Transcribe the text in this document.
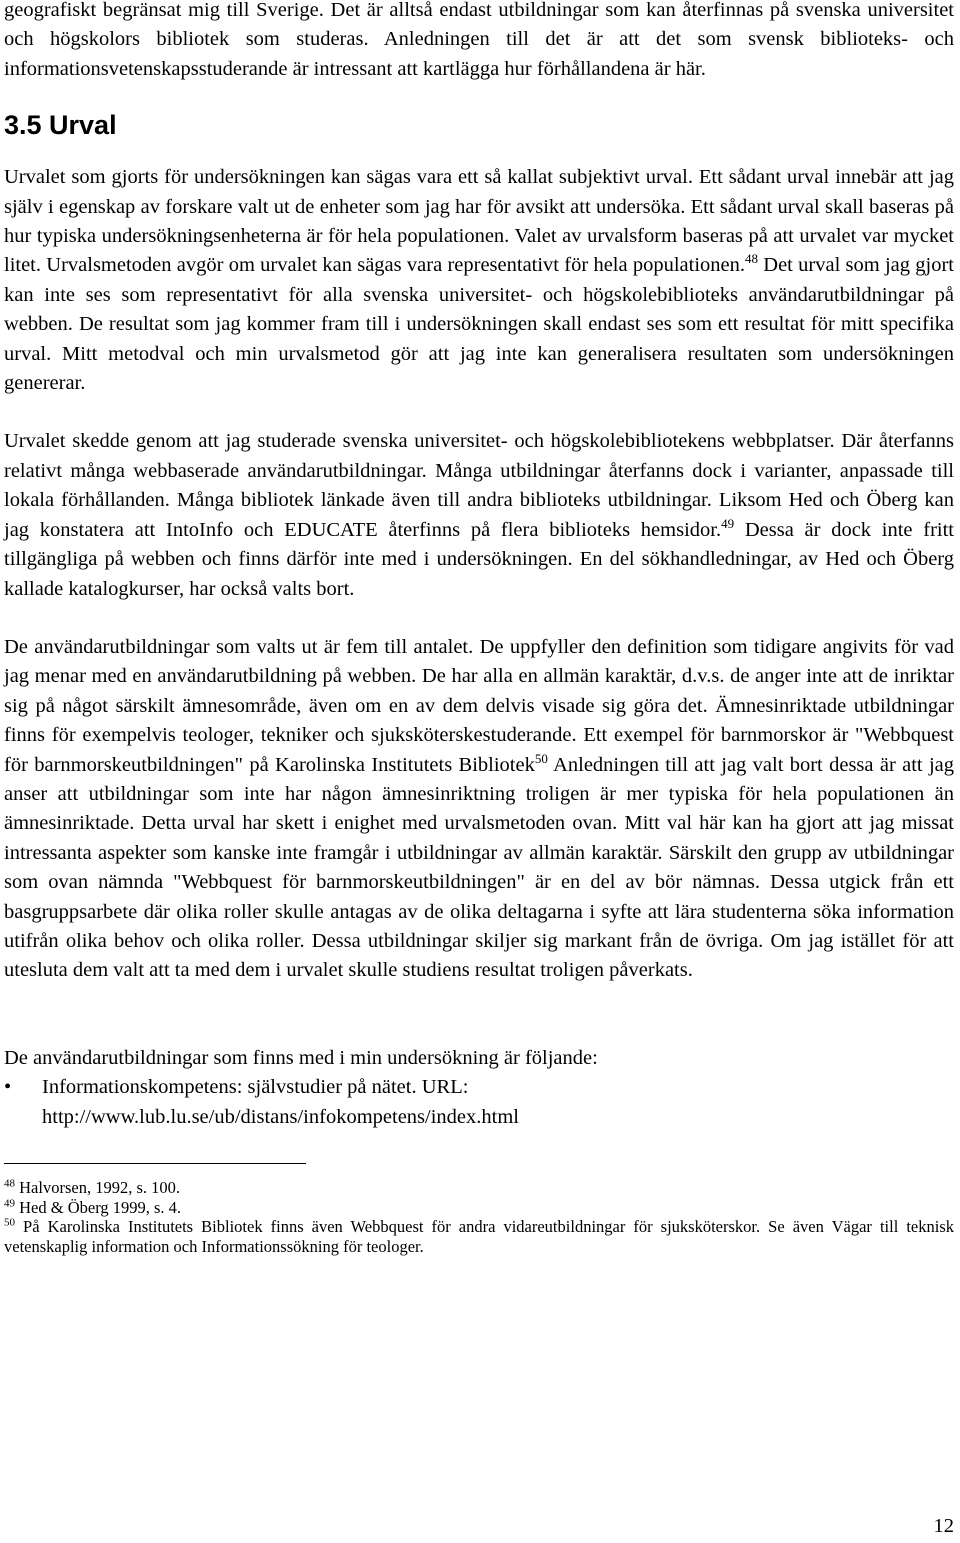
geografiskt begränsat mig till Sverige. Det är alltså endast utbildningar som kan återfinnas på svenska universitet och högskolors bibliotek som studeras. Anledningen till det är att det som svensk biblioteks- och informationsvetenskapsstuderande är intressant att kartlägga hur förhållandena är här.

3.5 Urval

Urvalet som gjorts för undersökningen kan sägas vara ett så kallat subjektivt urval. Ett sådant urval innebär att jag själv i egenskap av forskare valt ut de enheter som jag har för avsikt att undersöka. Ett sådant urval skall baseras på hur typiska undersökningsenheterna är för hela populationen. Valet av urvalsform baseras på att urvalet var mycket litet. Urvalsmetoden avgör om urvalet kan sägas vara representativt för hela populationen.$^{48}$ Det urval som jag gjort kan inte ses som representativt för alla svenska universitet- och högskolebiblioteks användarutbildningar på webben. De resultat som jag kommer fram till i undersökningen skall endast ses som ett resultat för mitt specifika urval. Mitt metodval och min urvalsmetod gör att jag inte kan generalisera resultaten som undersökningen genererar.

Urvalet skedde genom att jag studerade svenska universitet- och högskolebibliotekens webbplatser. Där återfanns relativt många webbaserade användarutbildningar. Många utbildningar återfanns dock i varianter, anpassade till lokala förhållanden. Många bibliotek länkade även till andra biblioteks utbildningar. Liksom Hed och Öberg kan jag konstatera att IntoInfo och EDUCATE återfinns på flera biblioteks hemsidor.$^{49}$ Dessa är dock inte fritt tillgängliga på webben och finns därför inte med i undersökningen. En del sökhandledningar, av Hed och Öberg kallade katalogkurser, har också valts bort.

De användarutbildningar som valts ut är fem till antalet. De uppfyller den definition som tidigare angivits för vad jag menar med en användarutbildning på webben. De har alla en allmän karaktär, d.v.s. de anger inte att de inriktar sig på något särskilt ämnesområde, även om en av dem delvis visade sig göra det. Ämnesinriktade utbildningar finns för exempelvis teologer, tekniker och sjuksköterskestuderande. Ett exempel för barnmorskor är "Webbquest för barnmorskeutbildningen" på Karolinska Institutets Bibliotek$^{50}$ Anledningen till att jag valt bort dessa är att jag anser att utbildningar som inte har någon ämnesinriktning troligen är mer typiska för hela populationen än ämnesinriktade. Detta urval har skett i enighet med urvalsmetoden ovan. Mitt val här kan ha gjort att jag missat intressanta aspekter som kanske inte framgår i utbildningar av allmän karaktär. Särskilt den grupp av utbildningar som ovan nämnda "Webbquest för barnmorskeutbildningen" är en del av bör nämnas. Dessa utgick från ett basgruppsarbete där olika roller skulle antagas av de olika deltagarna i syfte att lära studenterna söka information utifrån olika behov och olika roller. Dessa utbildningar skiljer sig markant från de övriga. Om jag istället för att utesluta dem valt att ta med dem i urvalet skulle studiens resultat troligen påverkats.

De användarutbildningar som finns med i min undersökning är följande:

• Informationskompetens: självstudier på nätet. URL:
http://www.lub.lu.se/ub/distans/infokompetens/index.html

$^{48}$ Halvorsen, 1992, s. 100.

$^{49}$ Hed & Öberg 1999, s. 4.

$^{50}$ På Karolinska Institutets Bibliotek finns även Webbquest för andra vidareutbildningar för sjuksköterskor. Se även Vägar till teknisk vetenskaplig information och Informationssökning för teologer.

12
